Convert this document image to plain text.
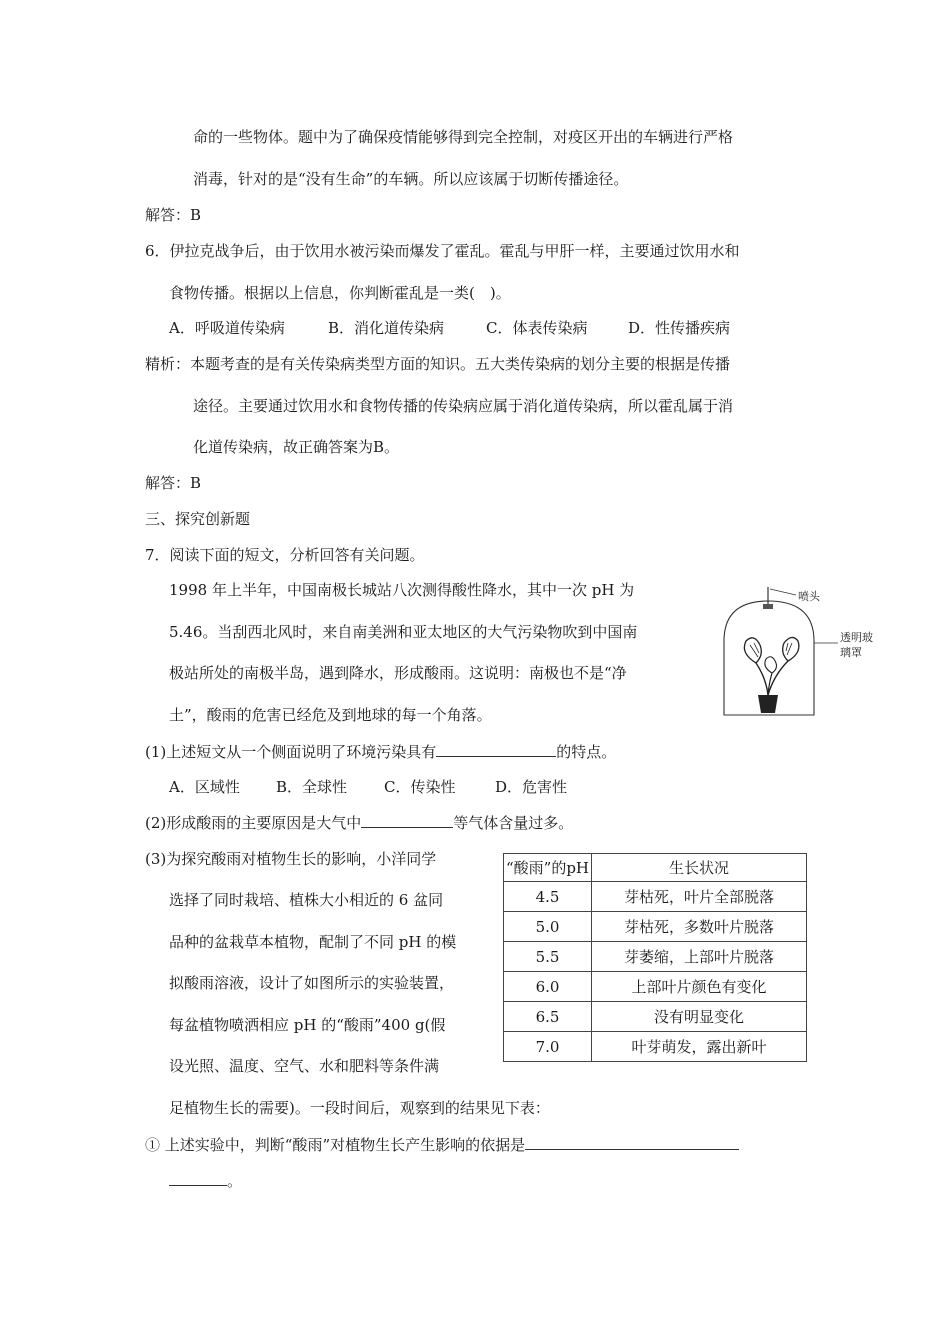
命的一些物体。题中为了确保疫情能够得到完全控制，对疫区开出的车辆进行严格
消毒，针对的是“没有生命”的车辆。所以应该属于切断传播途径。
解答：B
6．伊拉克战争后，由于饮用水被污染而爆发了霍乱。霍乱与甲肝一样，主要通过饮用水和
食物传播。根据以上信息，你判断霍乱是一类(　)。
A．呼吸道传染病	B．消化道传染病	C．体表传染病	D．性传播疾病
精析：本题考查的是有关传染病类型方面的知识。五大类传染病的划分主要的根据是传播
途径。主要通过饮用水和食物传播的传染病应属于消化道传染病，所以霍乱属于消
化道传染病，故正确答案为B。
解答：B
三、探究创新题
7．阅读下面的短文，分析回答有关问题。
1998 年上半年，中国南极长城站八次测得酸性降水，其中一次 pH 为
5.46。当刮西北风时，来自南美洲和亚太地区的大气污染物吹到中国南
极站所处的南极半岛，遇到降水，形成酸雨。这说明：南极也不是“净
土”，酸雨的危害已经危及到地球的每一个角落。
喷头
透明玻
璃罩
(1)上述短文从一个侧面说明了环境污染具有	的特点。
A．区域性 B．全球性 C．传染性	D．危害性
(2)形成酸雨的主要原因是大气中	等气体含量过多。
(3)为探究酸雨对植物生长的影响，小洋同学
选择了同时栽培、植株大小相近的 6 盆同
品种的盆栽草本植物，配制了不同 pH 的模
拟酸雨溶液，设计了如图所示的实验装置，
每盆植物喷洒相应 pH 的“酸雨”400 g(假
设光照、温度、空气、水和肥料等条件满
足植物生长的需要)。一段时间后，观察到的结果见下表：
“酸雨”的pH	生长状况
4.5	芽枯死，叶片全部脱落
5.0	芽枯死，多数叶片脱落
5.5	芽萎缩，上部叶片脱落
6.0	上部叶片颜色有变化
6.5	没有明显变化
7.0	叶芽萌发，露出新叶
① 上述实验中，判断“酸雨”对植物生长产生影响的依据是
。
